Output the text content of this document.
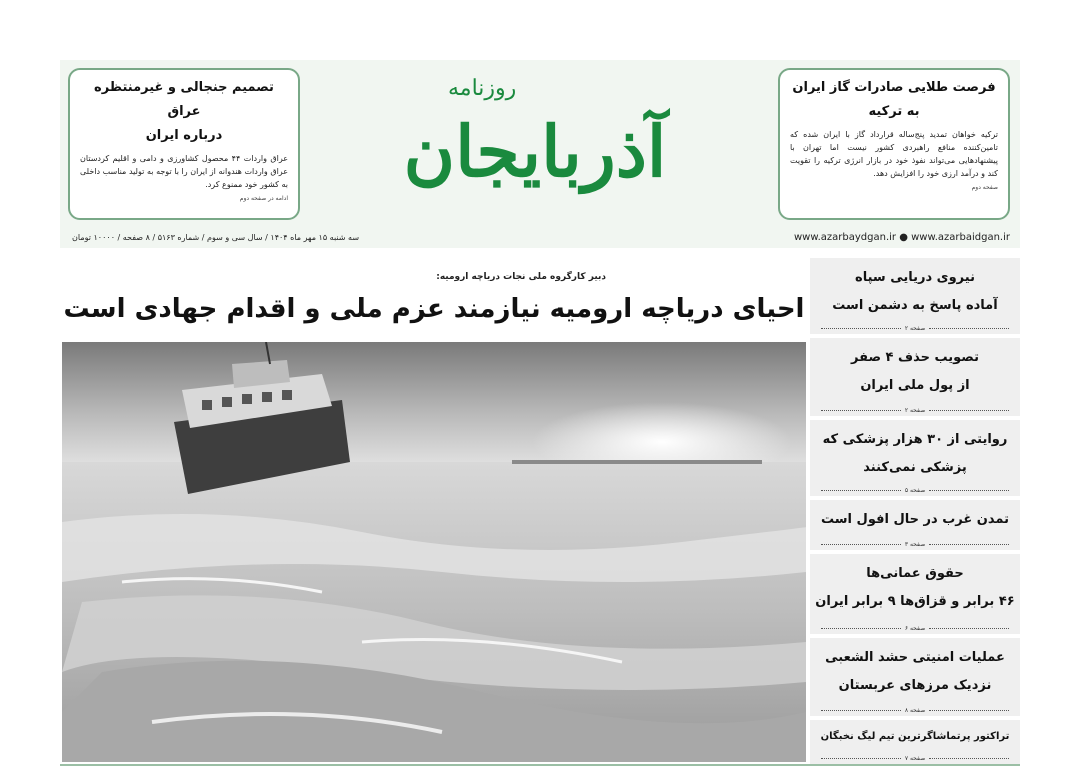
فرصت طلایی صادرات گاز ایران
به ترکیه
ترکیه خواهان تمدید پنج‌ساله قرارداد گاز با ایران شده که تامین‌کننده منافع راهبردی کشور نیست اما تهران با پیشنهادهایی می‌تواند نفوذ خود در بازار انرژی ترکیه را تقویت کند و درآمد ارزی خود را افزایش دهد.
صفحه دوم
تصمیم جنجالی و غیرمنتظره عراق
درباره ایران
عراق واردات ۴۴ محصول کشاورزی و دامی و اقلیم کردستان عراق واردات هندوانه از ایران را با توجه به تولید مناسب داخلی به کشور خود ممنوع کرد.
ادامه در صفحه دوم
روزنامه
آذربایجان
سه شنبه ۱۵ مهر ماه ۱۴۰۴ / سال سی و سوم / شماره ۵۱۶۳ / ۸ صفحه / ۱۰۰۰۰ تومان	www.azarbaydgan.ir ● www.azarbaidgan.ir
دبیر کارگروه ملی نجات دریاچه ارومیه:
احیای دریاچه ارومیه نیازمند عزم ملی و اقدام جهادی است
نیروی دریایی سپاه
آماده پاسخ به دشمن است
صفحه ۲
تصویب حذف ۴ صفر
از پول ملی ایران
صفحه ۲
روایتی از ۳۰ هزار پزشکی که
پزشکی نمی‌کنند
صفحه ۵
تمدن غرب در حال افول است
صفحه ۳
حقوق عمانی‌ها
۴۶ برابر و قزاق‌ها ۹ برابر ایران
صفحه ۶
عملیات امنیتی حشد الشعبی
نزدیک مرزهای عربستان
صفحه ۸
تراکتور پرتماشاگرترین تیم لیگ نخبگان
صفحه ۷
